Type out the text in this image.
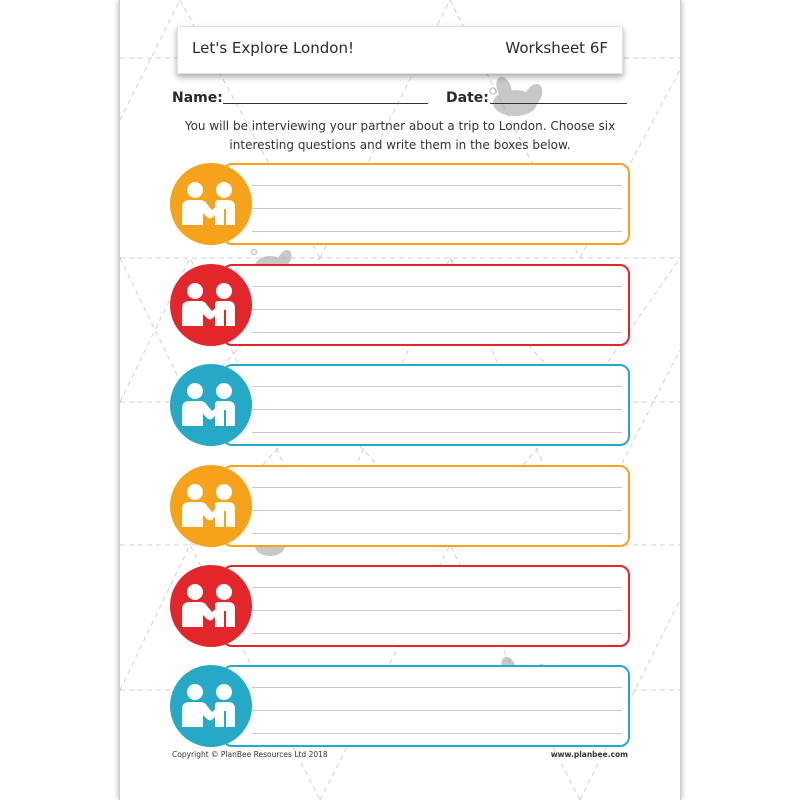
Let's Explore London!	Worksheet 6F
Name:	Date:
You will be interviewing your partner about a trip to London. Choose six
interesting questions and write them in the boxes below.
Copyright © PlanBee Resources Ltd 2018	www.planbee.com
